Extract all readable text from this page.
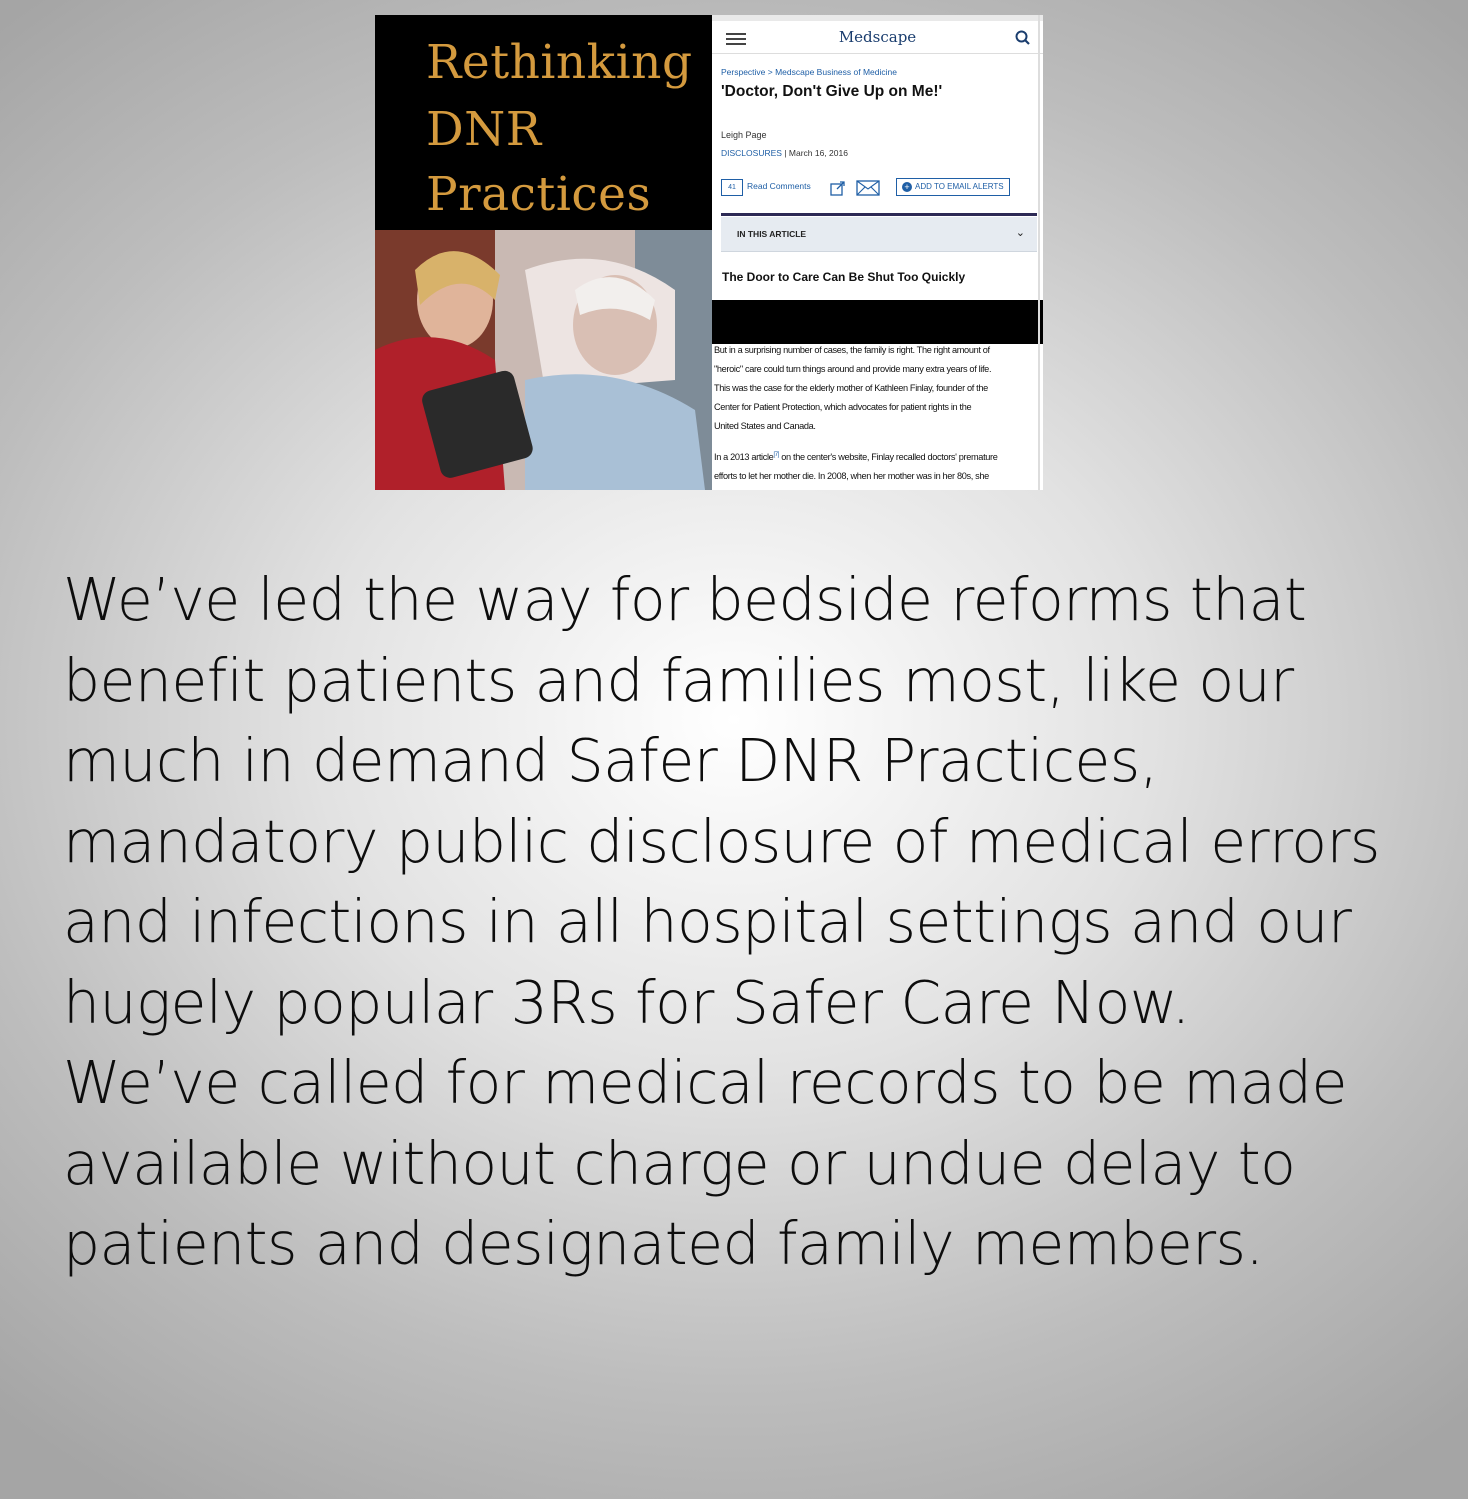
Rethinking
DNR
Practices
Medscape
Perspective > Medscape Business of Medicine
'Doctor, Don't Give Up on Me!'
Leigh Page
DISCLOSURES | March 16, 2016
41	Read Comments	+ ADD TO EMAIL ALERTS
IN THIS ARTICLE	⌄
The Door to Care Can Be Shut Too Quickly
But in a surprising number of cases, the family is right. The right amount of
"heroic" care could turn things around and provide many extra years of life.
This was the case for the elderly mother of Kathleen Finlay, founder of the
Center for Patient Protection, which advocates for patient rights in the
United States and Canada.
In a 2013 article[7] on the center's website, Finlay recalled doctors' premature
efforts to let her mother die. In 2008, when her mother was in her 80s, she
We’ve led the way for bedside reforms that
benefit patients and families most, like our
much in demand Safer DNR Practices,
mandatory public disclosure of medical errors
and infections in all hospital settings and our
hugely popular 3Rs for Safer Care Now.
We’ve called for medical records to be made
available without charge or undue delay to
patients and designated family members.
